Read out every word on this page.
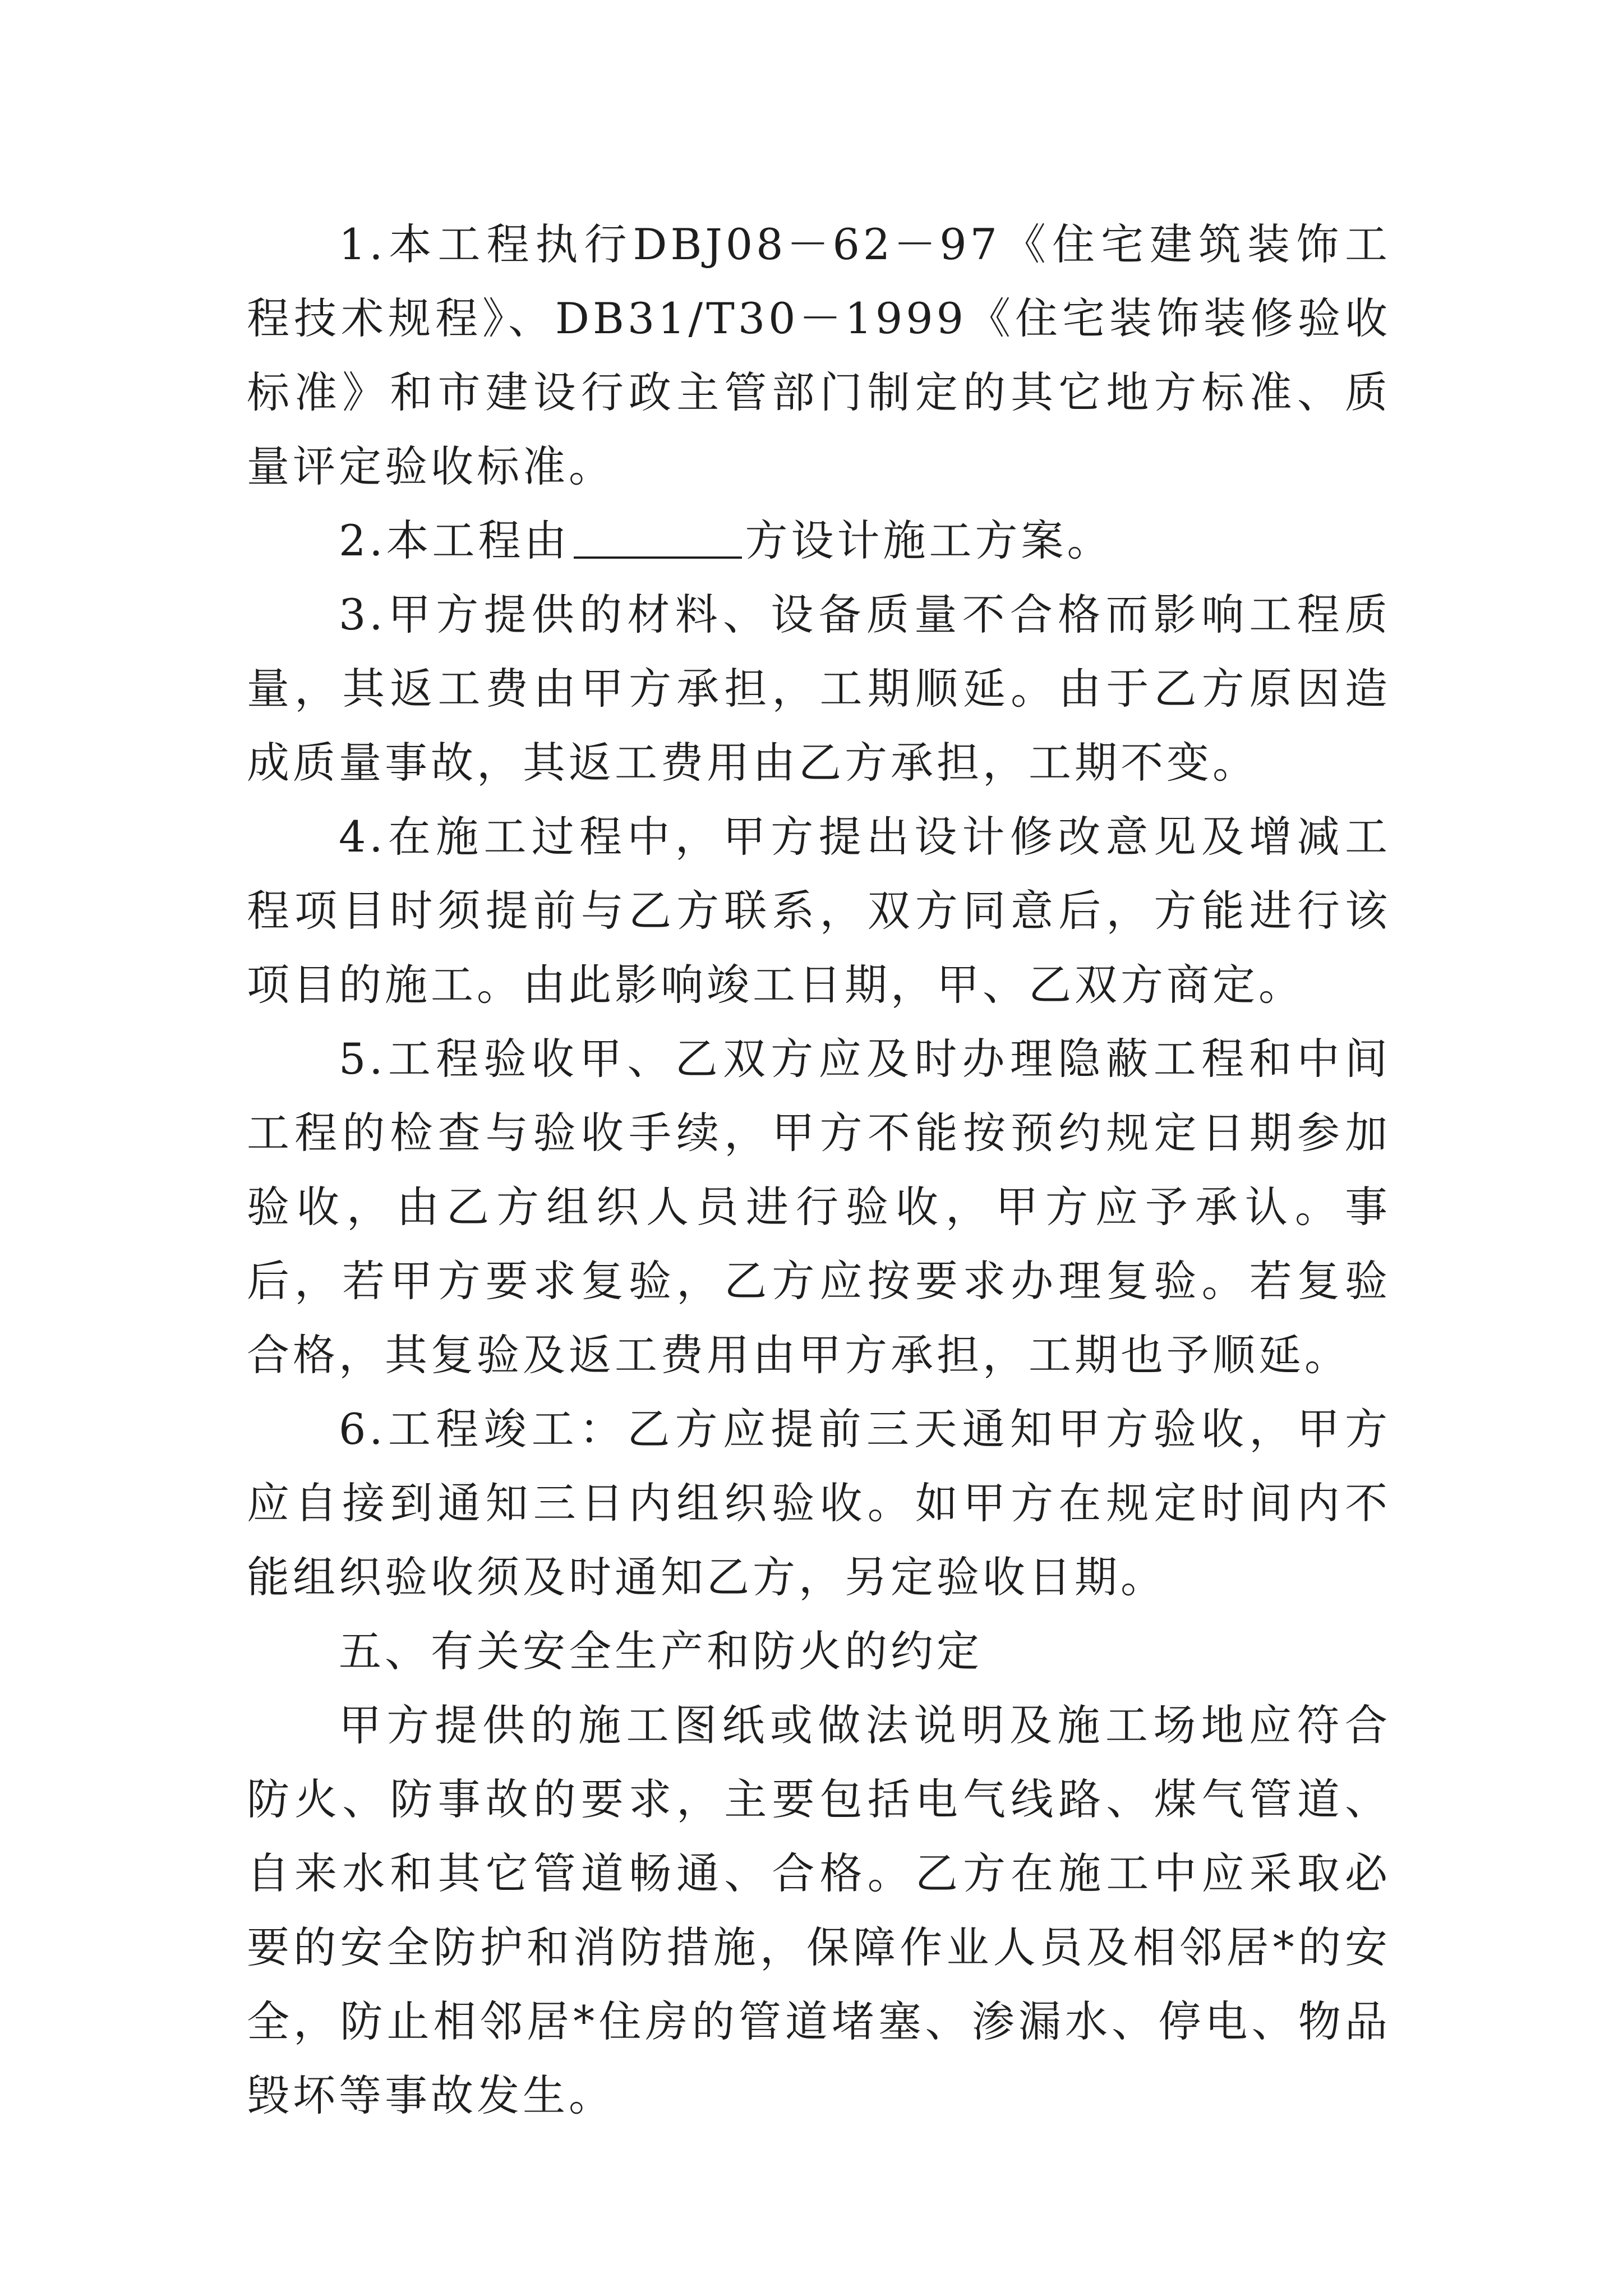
1.本工程执行DBJ08－62－97《住宅建筑装饰工程技术规程》、DB31/T30－1999《住宅装饰装修验收标准》和市建设行政主管部门制定的其它地方标准、质量评定验收标准。

2.本工程由	方设计施工方案。

3.甲方提供的材料、设备质量不合格而影响工程质量，其返工费由甲方承担，工期顺延。由于乙方原因造成质量事故，其返工费用由乙方承担，工期不变。

4.在施工过程中，甲方提出设计修改意见及增减工程项目时须提前与乙方联系，双方同意后，方能进行该项目的施工。由此影响竣工日期，甲、乙双方商定。

5.工程验收甲、乙双方应及时办理隐蔽工程和中间工程的检查与验收手续，甲方不能按预约规定日期参加验收，由乙方组织人员进行验收，甲方应予承认。事后，若甲方要求复验，乙方应按要求办理复验。若复验合格，其复验及返工费用由甲方承担，工期也予顺延。

6.工程竣工：乙方应提前三天通知甲方验收，甲方应自接到通知三日内组织验收。如甲方在规定时间内不能组织验收须及时通知乙方，另定验收日期。

五、有关安全生产和防火的约定

甲方提供的施工图纸或做法说明及施工场地应符合防火、防事故的要求，主要包括电气线路、煤气管道、自来水和其它管道畅通、合格。乙方在施工中应采取必要的安全防护和消防措施，保障作业人员及相邻居*的安全，防止相邻居*住房的管道堵塞、渗漏水、停电、物品毁坏等事故发生。
